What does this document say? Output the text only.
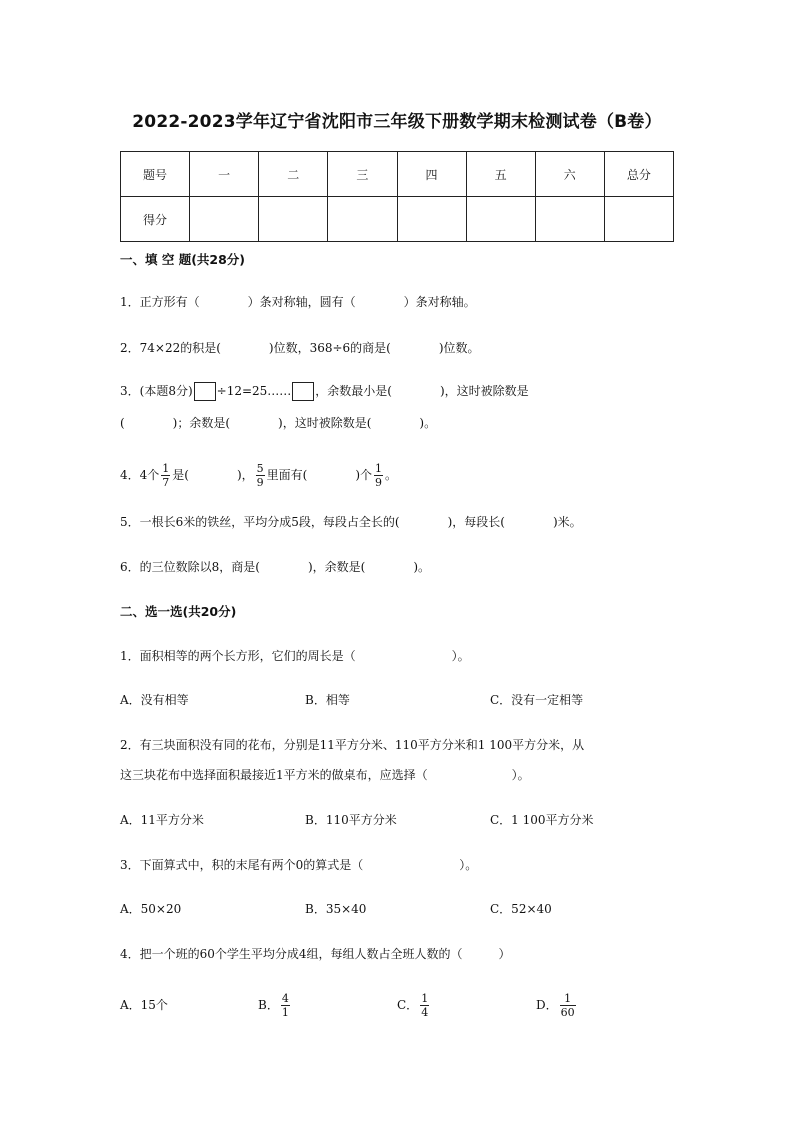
2022-2023学年辽宁省沈阳市三年级下册数学期末检测试卷（B卷）
题号	一	二	三	四	五	六	总分
得分							
一、填 空 题(共28分)
1．正方形有（　　　　）条对称轴，圆有（　　　　）条对称轴。
2．74×22的积是(　　　　)位数，368÷6的商是(　　　　)位数。
3．(本题8分) ÷12=25…… ，余数最小是(　　　　)，这时被除数是
(　　　　)；余数是(　　　　)，这时被除数是(　　　　)。
4．4个 $\frac{1}{7}$ 是(　　　　)， $\frac{5}{9}$ 里面有(　　　　)个 $\frac{1}{9}$ 。
5．一根长6米的铁丝，平均分成5段，每段占全长的(　　　　)，每段长(　　　　)米。
6．的三位数除以8，商是(　　　　)，余数是(　　　　)。
二、选一选(共20分)
1．面积相等的两个长方形，它们的周长是（　　　　　　　　）。
A．没有相等	B．相等	C．没有一定相等
2．有三块面积没有同的花布，分别是11平方分米、110平方分米和1 100平方分米，从
这三块花布中选择面积最接近1平方米的做桌布，应选择（　　　　　　　）。
A．11平方分米	B．110平方分米	C．1 100平方分米
3．下面算式中，积的末尾有两个0的算式是（　　　　　　　　）。
A．50×20	B．35×40	C．52×40
4．把一个班的60个学生平均分成4组，每组人数占全班人数的（　　　）
A．15个	B． $\frac{4}{1}$	C． $\frac{1}{4}$	D． $\frac{1}{60}$
